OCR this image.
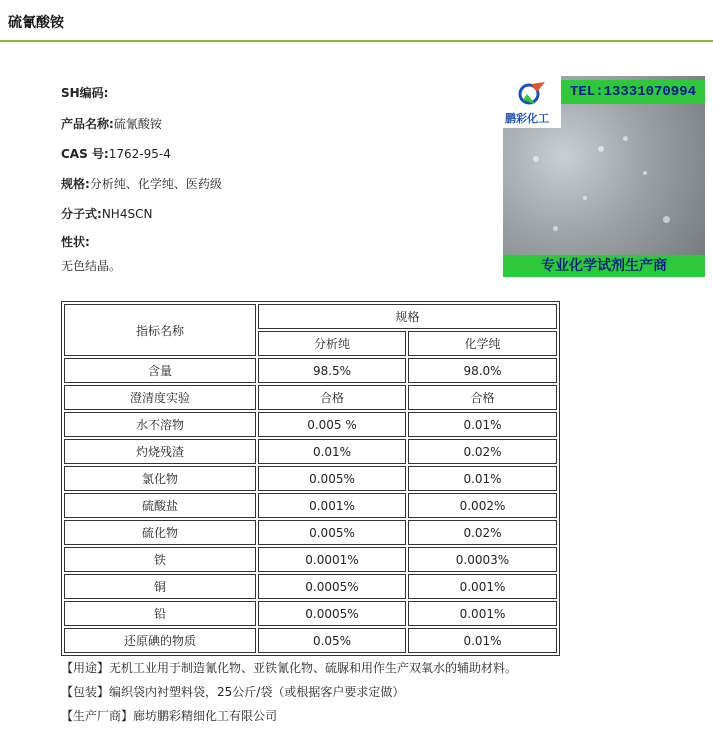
硫氰酸铵
SH编码:
产品名称:硫氰酸铵
CAS 号:1762-95-4
规格:分析纯、化学纯、医药级
分子式:NH4SCN
性状:
无色结晶。
鹏彩化工
TEL:13331070994
专业化学试剂生产商
指标名称	规格	
	分析纯	化学纯
含量	98.5%	98.0%
澄清度实验	合格	合格
水不溶物	0.005 %	0.01%
灼烧残渣	0.01%	0.02%
氯化物	0.005%	0.01%
硫酸盐	0.001%	0.002%
硫化物	0.005%	0.02%
铁	0.0001%	0.0003%
铜	0.0005%	0.001%
铅	0.0005%	0.001%
还原碘的物质	0.05%	0.01%
【用途】无机工业用于制造氰化物、亚铁氰化物、硫脲和用作生产双氧水的辅助材料。
【包装】编织袋内衬塑料袋，25公斤/袋（或根据客户要求定做）
【生产厂商】廊坊鹏彩精细化工有限公司
